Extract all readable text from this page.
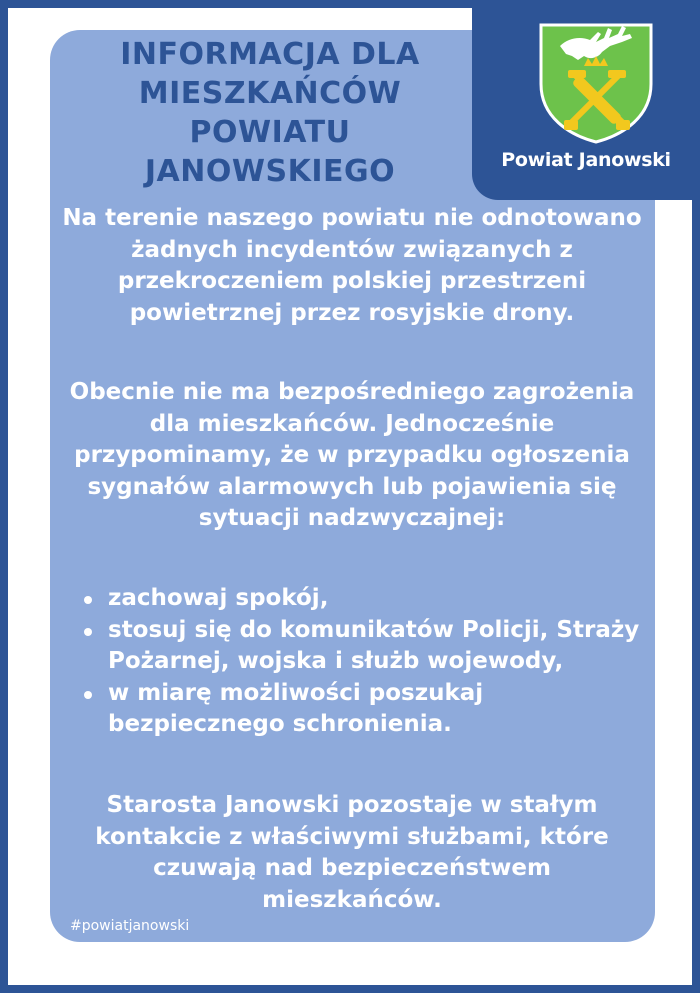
INFORMACJA DLA MIESZKAŃCÓW POWIATU JANOWSKIEGO	Powiat Janowski

Na terenie naszego powiatu nie odnotowano żadnych incydentów związanych z przekroczeniem polskiej przestrzeni powietrznej przez rosyjskie drony.

Obecnie nie ma bezpośredniego zagrożenia dla mieszkańców. Jednocześnie przypominamy, że w przypadku ogłoszenia sygnałów alarmowych lub pojawienia się sytuacji nadzwyczajnej:

zachowaj spokój,
stosuj się do komunikatów Policji, Straży Pożarnej, wojska i służb wojewody,
w miarę możliwości poszukaj bezpiecznego schronienia.

Starosta Janowski pozostaje w stałym kontakcie z właściwymi służbami, które czuwają nad bezpieczeństwem mieszkańców.

#powiatjanowski
